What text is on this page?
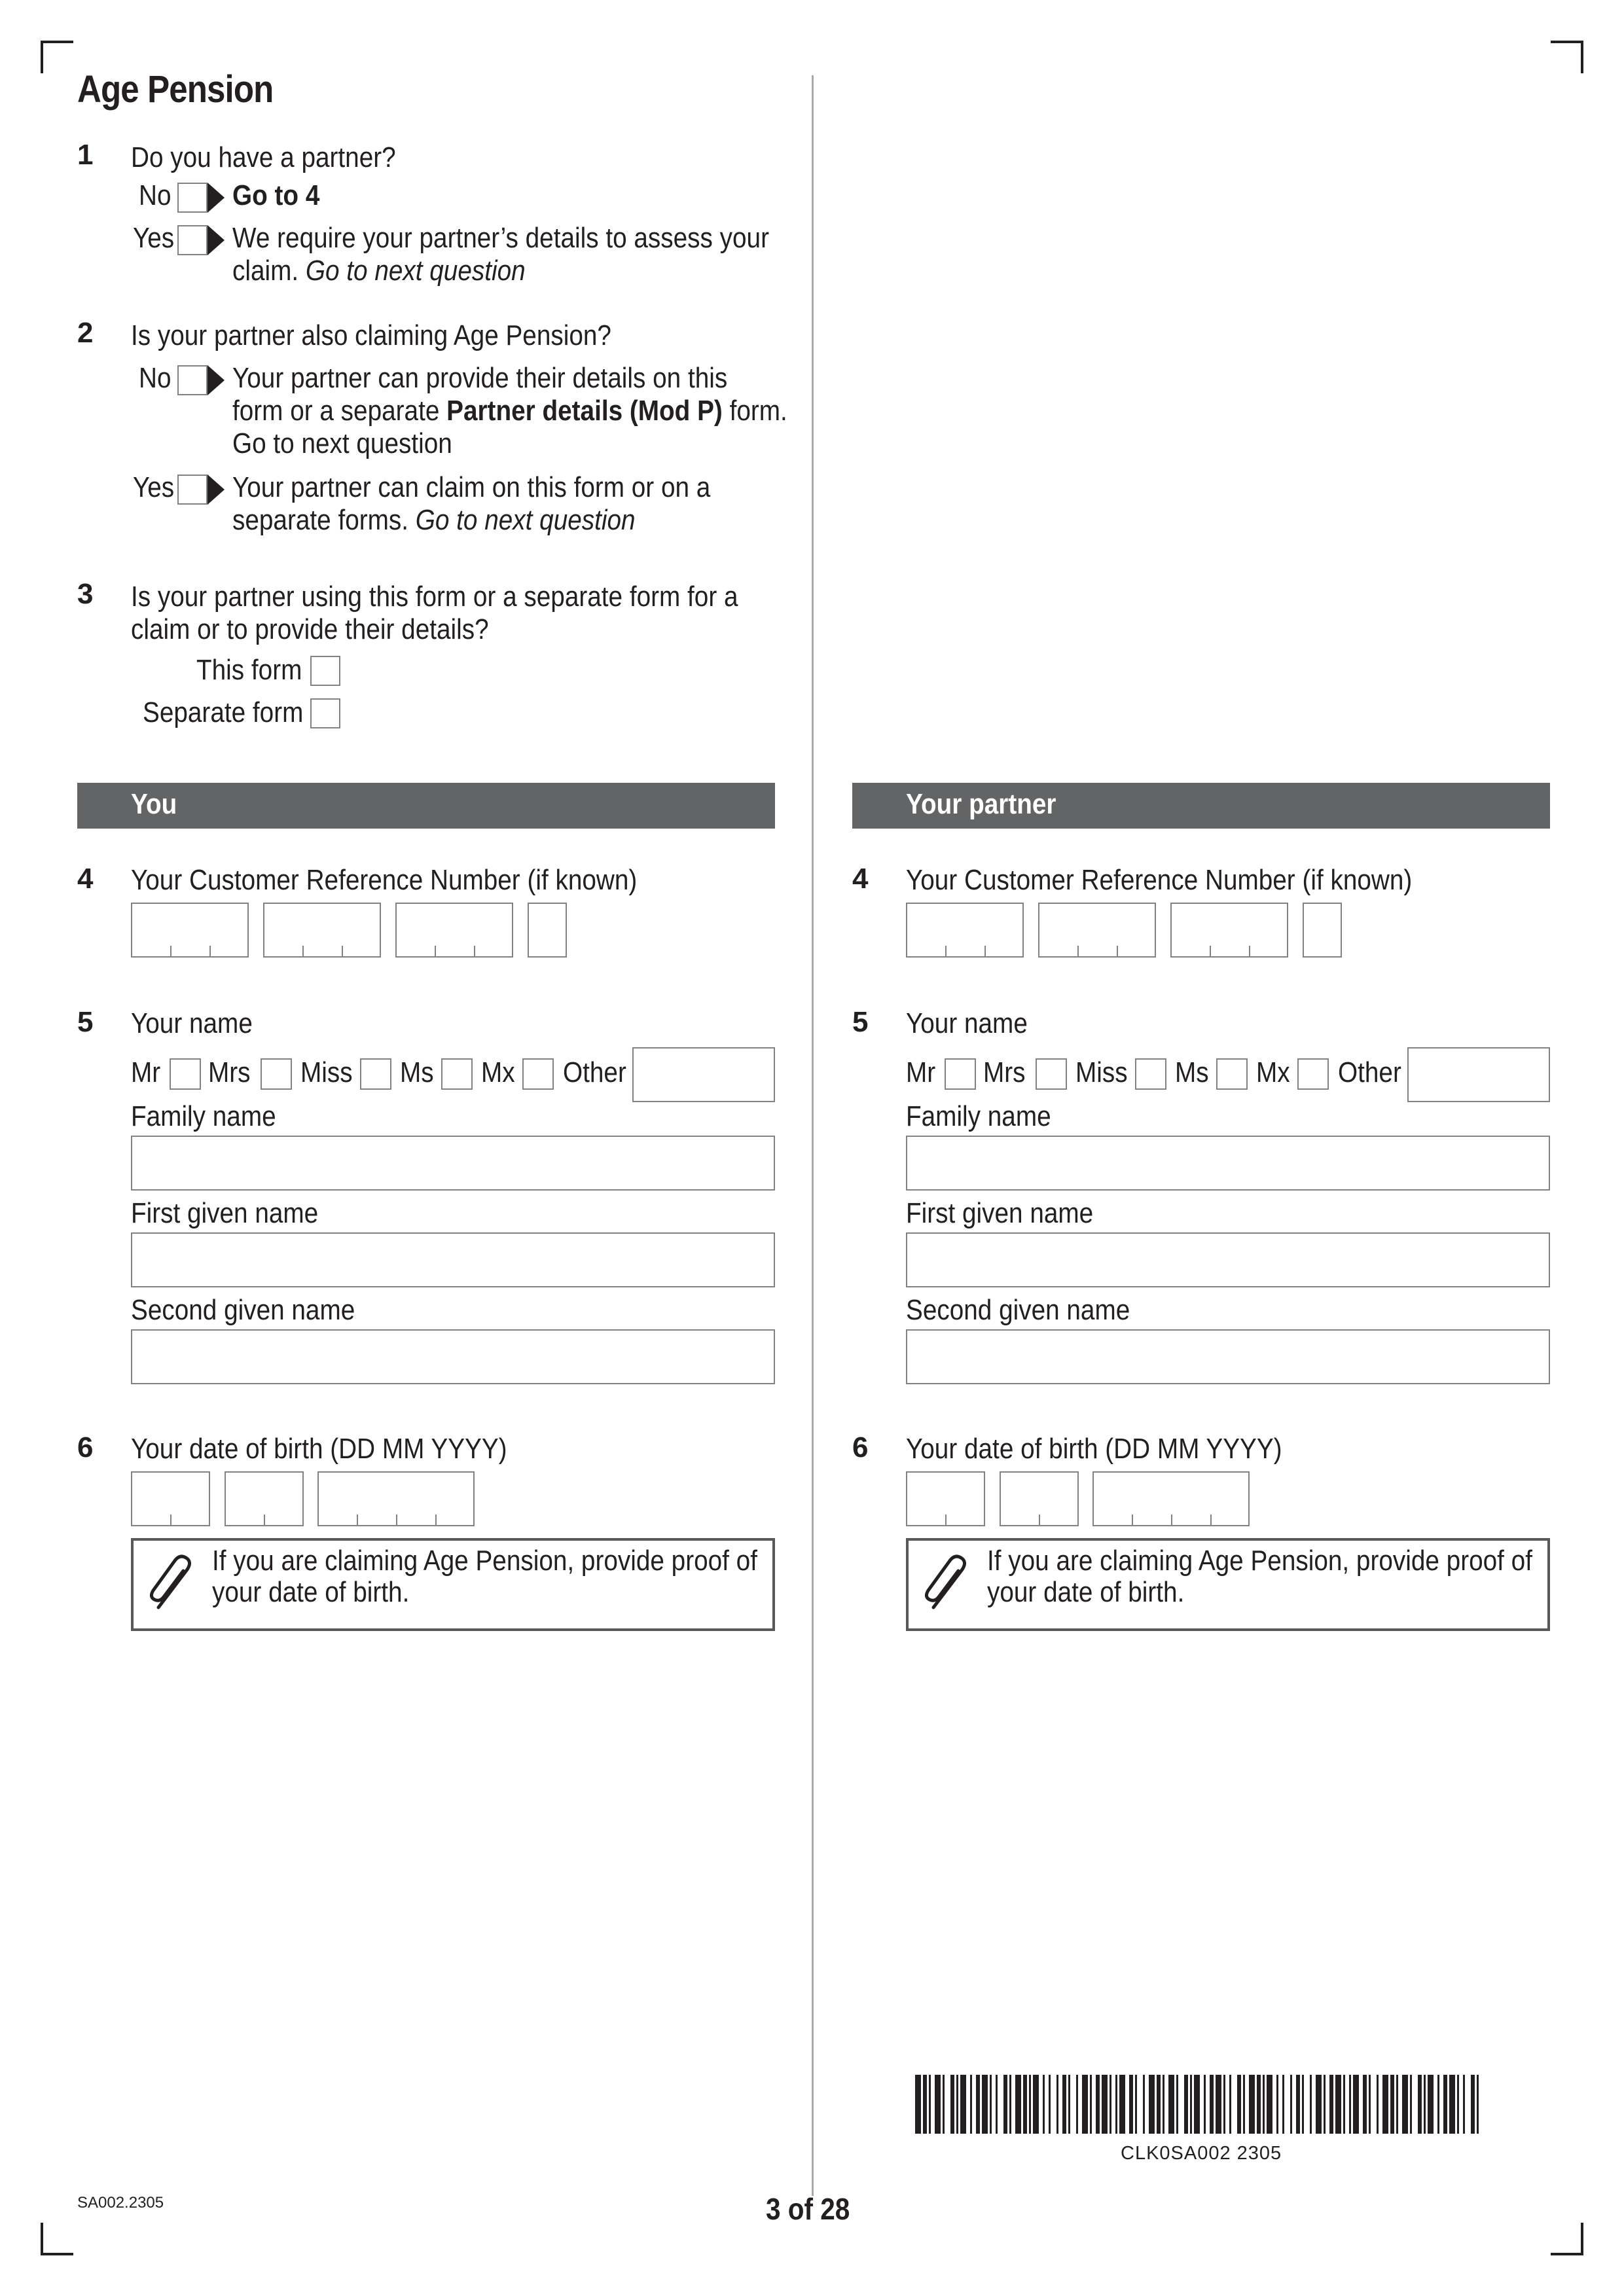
Age Pension
1 Do you have a partner?
No Go to 4
Yes We require your partner’s details to assess your
claim. Go to next question
2 Is your partner also claiming Age Pension?
No Your partner can provide their details on this
form or a separate Partner details (Mod P) form.
Go to next question
Yes Your partner can claim on this form or on a
separate forms. Go to next question
3 Is your partner using this form or a separate form for a
claim or to provide their details?
This form
Separate form
You	Your partner
4 Your Customer Reference Number (if known)
5 Your name
Mr Mrs Miss Ms Mx Other
Family name
First given name
Second given name
6 Your date of birth (DD MM YYYY)
If you are claiming Age Pension, provide proof of
your date of birth.
4 Your Customer Reference Number (if known)
5 Your name
Mr Mrs Miss Ms Mx Other
Family name
First given name
Second given name
6 Your date of birth (DD MM YYYY)
If you are claiming Age Pension, provide proof of
your date of birth.
CLK0SA002 2305
SA002.2305	3 of 28
